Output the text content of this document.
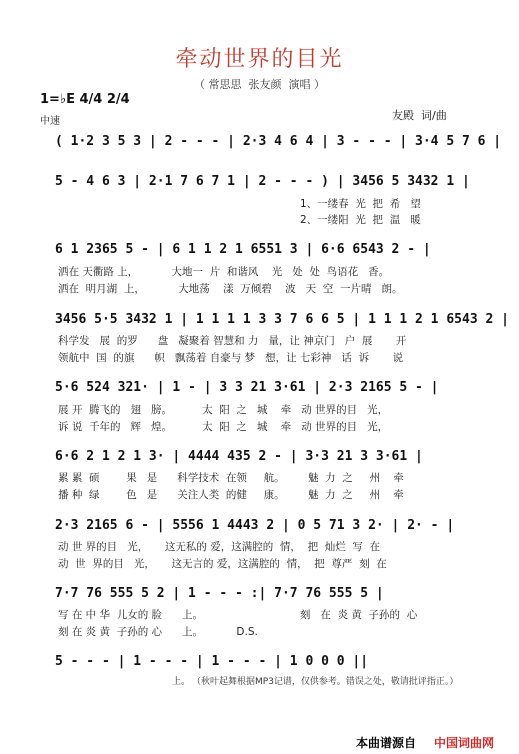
牵动世界的目光
（ 常思思  张友颜  演唱 ）
1=♭E 4/4 2/4
中速	友殿  词/曲
( 1·2 3 5 3 | 2 - - - | 2·3 4 6 4 | 3 - - - | 3·4 5 7 6 |
5 - 4 6 3 | 2·1 7 6 7 1 | 2 - - - ) | 3456 5 3432 1 |
1、一缕春  光  把  希   望
2、一缕阳  光  把  温   暖
6 1 2365 5 - | 6 1 1 2 1 6551 3 | 6·6 6543 2 - |
洒在 天衢路 上，          大地一  片  和谐风    光   处  处  鸟语花   香。
洒在  明月湖  上，          大地荡    漾  万倾碧    波   天  空  一片晴   朗。
3456 5·5 3432 1 | 1 1 1 1 3 3 7 6 6 5 | 1 1 1 2 1 6543 2 |
科学发   展  的罗      盘   凝聚着 智慧和 力   量，让 神京门   户  展       开
领航中  国  的旗      帜   飘荡着 自豪与 梦   想，让 七彩神   话  诉       说
5·6 524 321· | 1 - | 3 3 21 3·61 | 2·3 2165 5 - |
展 开  腾飞的   翅   膀。         太  阳  之   城    牵   动 世界的目   光，
诉 说  千年的   辉   煌。         太  阳  之   城    牵   动 世界的目   光，
6·6 2 1 2 1 3· | 4444 435 2 - | 3·3 21 3 3·61 |
累 累  硕        果   是      科学技术  在领     航。       魅  力  之     州    牵
播 种  绿        色   是      关注人类  的健     康。       魅  力  之     州    牵
2·3 2165 6 - | 5556 1 4443 2 | 0 5 71 3 2· | 2· - |
动 世 界的目   光，     这无私的 爱，这满腔的  情，  把  灿烂  写  在
动  世  界的目   光，     这无言的 爱，这满腔的  情，  把  尊严  刻  在
7·7 76 555 5 2 | 1 - - - :| 7·7 76 555 5 |
写 在 中 华  儿女的 脸      上。                             刻   在  炎 黄  子孙的  心
刻 在 炎 黄  子孙的 心      上。          D.S.
5 - - - | 1 - - - | 1 - - - | 1 0 0 0 ||
上。 （秋叶起舞根据MP3记谱，仅供参考。错误之处，敬请批评指正。）
本曲谱源自 中国词曲网
